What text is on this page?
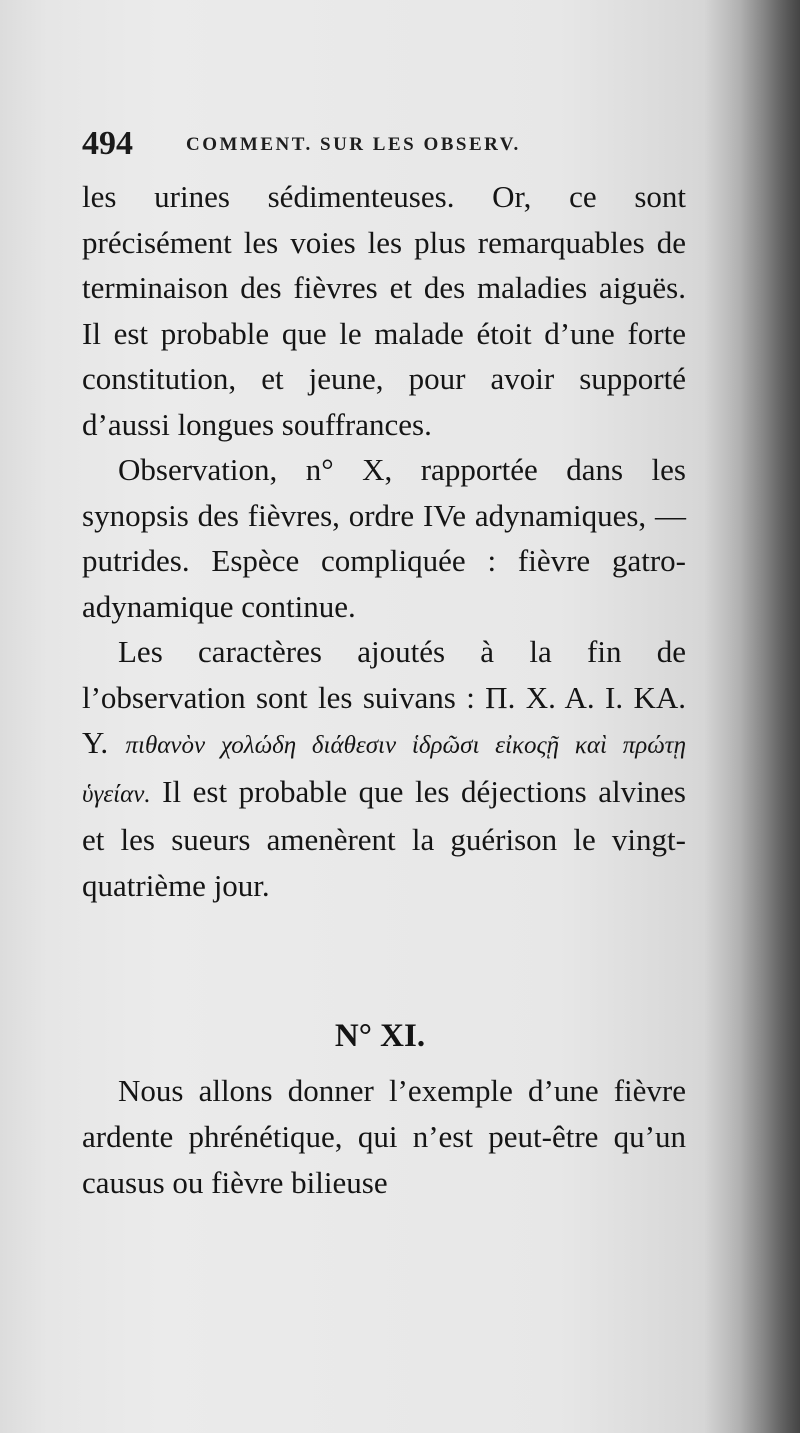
494	COMMENT. SUR LES OBSERV.

les urines sédimenteuses. Or, ce sont précisément les voies les plus remarquables de terminaison des fièvres et des maladies aiguës. Il est probable que le malade étoit d’une forte constitution, et jeune, pour avoir supporté d’aussi longues souffrances.

Observation, n° X, rapportée dans les synopsis des fièvres, ordre IVe adynamiques, — putrides. Espèce compliquée : fièvre gatro-adynamique continue.

Les caractères ajoutés à la fin de l’observation sont les suivans : Π. X. A. I. KA. Y. πιθανὸν χολώδη διάθεσιν ἱδρῶσι εἰκοςῇ καὶ πρώτῃ ὑγείαν. Il est probable que les déjections alvines et les sueurs amenèrent la guérison le vingt-quatrième jour.

N° XI.

Nous allons donner l’exemple d’une fièvre ardente phrénétique, qui n’est peut-être qu’un causus ou fièvre bilieuse
